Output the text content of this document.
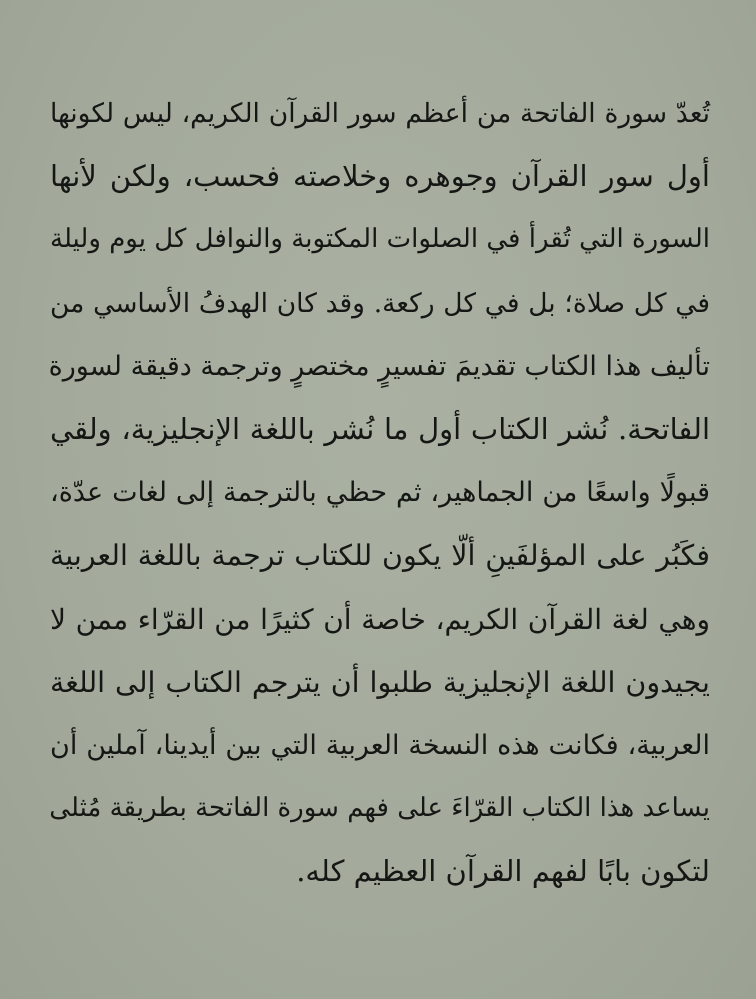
تُعدّ سورة الفاتحة من أعظم سور القرآن الكريم، ليس لكونها
أول سور القرآن وجوهره وخلاصته فحسب، ولكن لأنها
السورة التي تُقرأ في الصلوات المكتوبة والنوافل كل يوم وليلة
في كل صلاة؛ بل في كل ركعة. وقد كان الهدفُ الأساسي من
تأليف هذا الكتاب تقديمَ تفسيرٍ مختصرٍ وترجمة دقيقة لسورة
الفاتحة. نُشر الكتاب أول ما نُشر باللغة الإنجليزية، ولقي
قبولًا واسعًا من الجماهير، ثم حظي بالترجمة إلى لغات عدّة،
فكَبُر على المؤلفَينِ ألّا يكون للكتاب ترجمة باللغة العربية
وهي لغة القرآن الكريم، خاصة أن كثيرًا من القرّاء ممن لا
يجيدون اللغة الإنجليزية طلبوا أن يترجم الكتاب إلى اللغة
العربية، فكانت هذه النسخة العربية التي بين أيدينا، آملين أن
يساعد هذا الكتاب القرّاءَ على فهم سورة الفاتحة بطريقة مُثلى
لتكون بابًا لفهم القرآن العظيم كله.
